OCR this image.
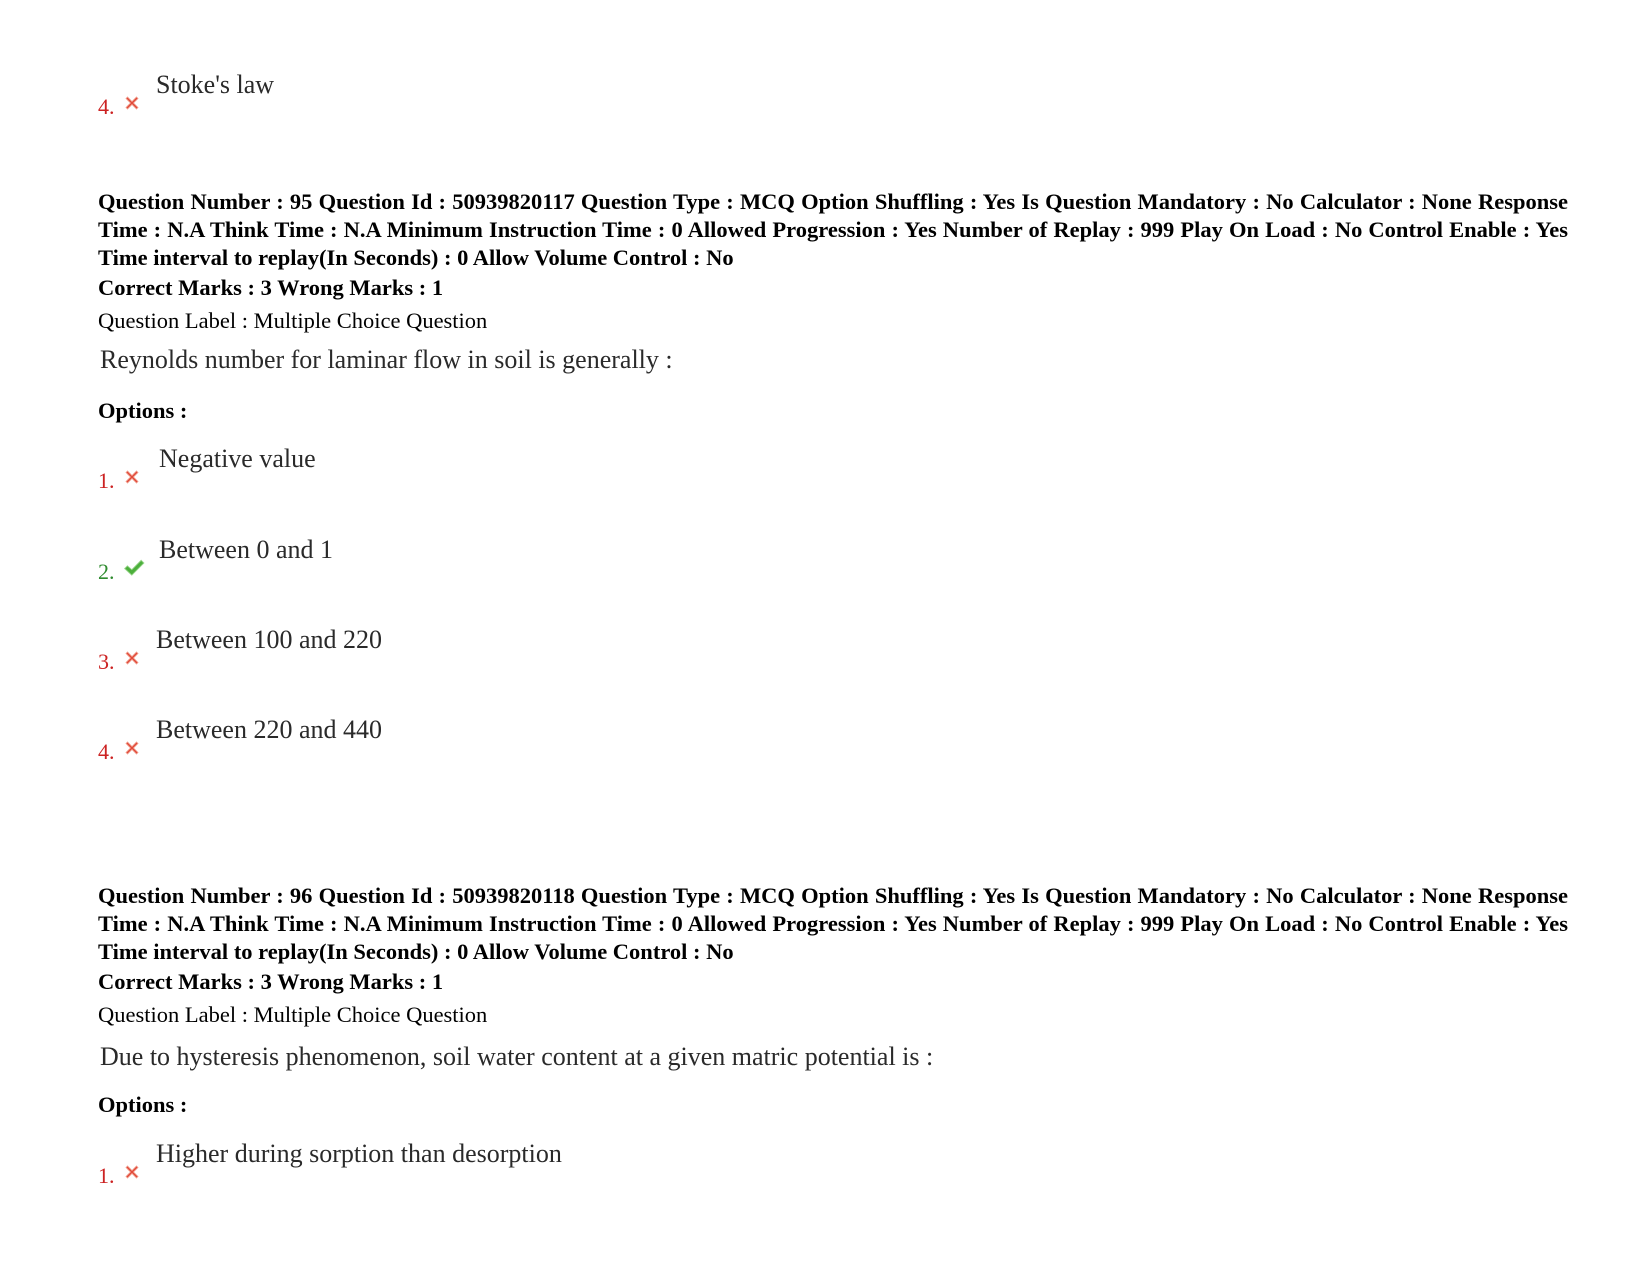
4.
Stoke's law
Question Number : 95 Question Id : 50939820117 Question Type : MCQ Option Shuffling : Yes Is Question Mandatory : No Calculator : None Response Time : N.A Think Time : N.A Minimum Instruction Time : 0 Allowed Progression : Yes Number of Replay : 999 Play On Load : No Control Enable : Yes Time interval to replay(In Seconds) : 0 Allow Volume Control : No
Correct Marks : 3 Wrong Marks : 1
Question Label : Multiple Choice Question
Reynolds number for laminar flow in soil is generally :
Options :
1.
Negative value
2.
Between 0 and 1
3.
Between 100 and 220
4.
Between 220 and 440
Question Number : 96 Question Id : 50939820118 Question Type : MCQ Option Shuffling : Yes Is Question Mandatory : No Calculator : None Response Time : N.A Think Time : N.A Minimum Instruction Time : 0 Allowed Progression : Yes Number of Replay : 999 Play On Load : No Control Enable : Yes Time interval to replay(In Seconds) : 0 Allow Volume Control : No
Correct Marks : 3 Wrong Marks : 1
Question Label : Multiple Choice Question
Due to hysteresis phenomenon, soil water content at a given matric potential is :
Options :
1.
Higher during sorption than desorption
